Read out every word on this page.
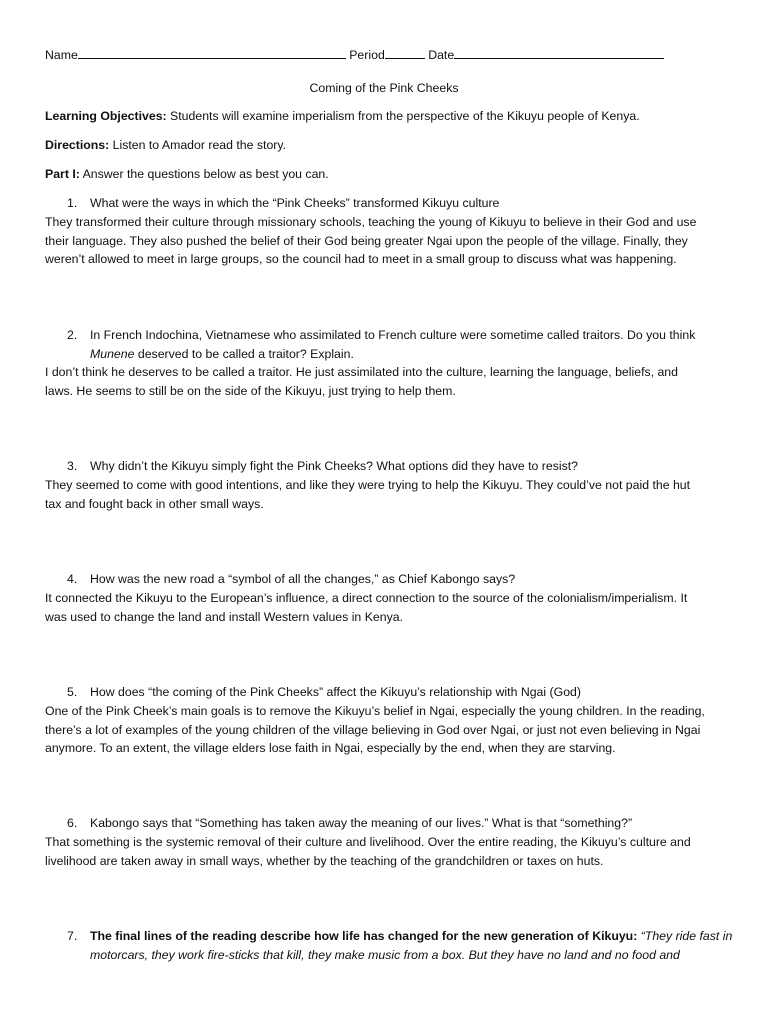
Name	Period	Date
Coming of the Pink Cheeks
Learning Objectives: Students will examine imperialism from the perspective of the Kikuyu people of Kenya.
Directions: Listen to Amador read the story.
Part I: Answer the questions below as best you can.
1. What were the ways in which the “Pink Cheeks” transformed Kikuyu culture
They transformed their culture through missionary schools, teaching the young of Kikuyu to believe in their God and use
their language. They also pushed the belief of their God being greater Ngai upon the people of the village. Finally, they
weren’t allowed to meet in large groups, so the council had to meet in a small group to discuss what was happening.
2. In French Indochina, Vietnamese who assimilated to French culture were sometime called traitors. Do you think
Munene deserved to be called a traitor? Explain.
I don’t think he deserves to be called a traitor. He just assimilated into the culture, learning the language, beliefs, and
laws. He seems to still be on the side of the Kikuyu, just trying to help them.
3. Why didn’t the Kikuyu simply fight the Pink Cheeks? What options did they have to resist?
They seemed to come with good intentions, and like they were trying to help the Kikuyu. They could’ve not paid the hut
tax and fought back in other small ways.
4. How was the new road a “symbol of all the changes,” as Chief Kabongo says?
It connected the Kikuyu to the European’s influence, a direct connection to the source of the colonialism/imperialism. It
was used to change the land and install Western values in Kenya.
5. How does “the coming of the Pink Cheeks” affect the Kikuyu’s relationship with Ngai (God)
One of the Pink Cheek’s main goals is to remove the Kikuyu’s belief in Ngai, especially the young children. In the reading,
there’s a lot of examples of the young children of the village believing in God over Ngai, or just not even believing in Ngai
anymore. To an extent, the village elders lose faith in Ngai, especially by the end, when they are starving.
6. Kabongo says that “Something has taken away the meaning of our lives.” What is that “something?”
That something is the systemic removal of their culture and livelihood. Over the entire reading, the Kikuyu’s culture and
livelihood are taken away in small ways, whether by the teaching of the grandchildren or taxes on huts.
7. The final lines of the reading describe how life has changed for the new generation of Kikuyu: “They ride fast in
motorcars, they work fire-sticks that kill, they make music from a box. But they have no land and no food and
